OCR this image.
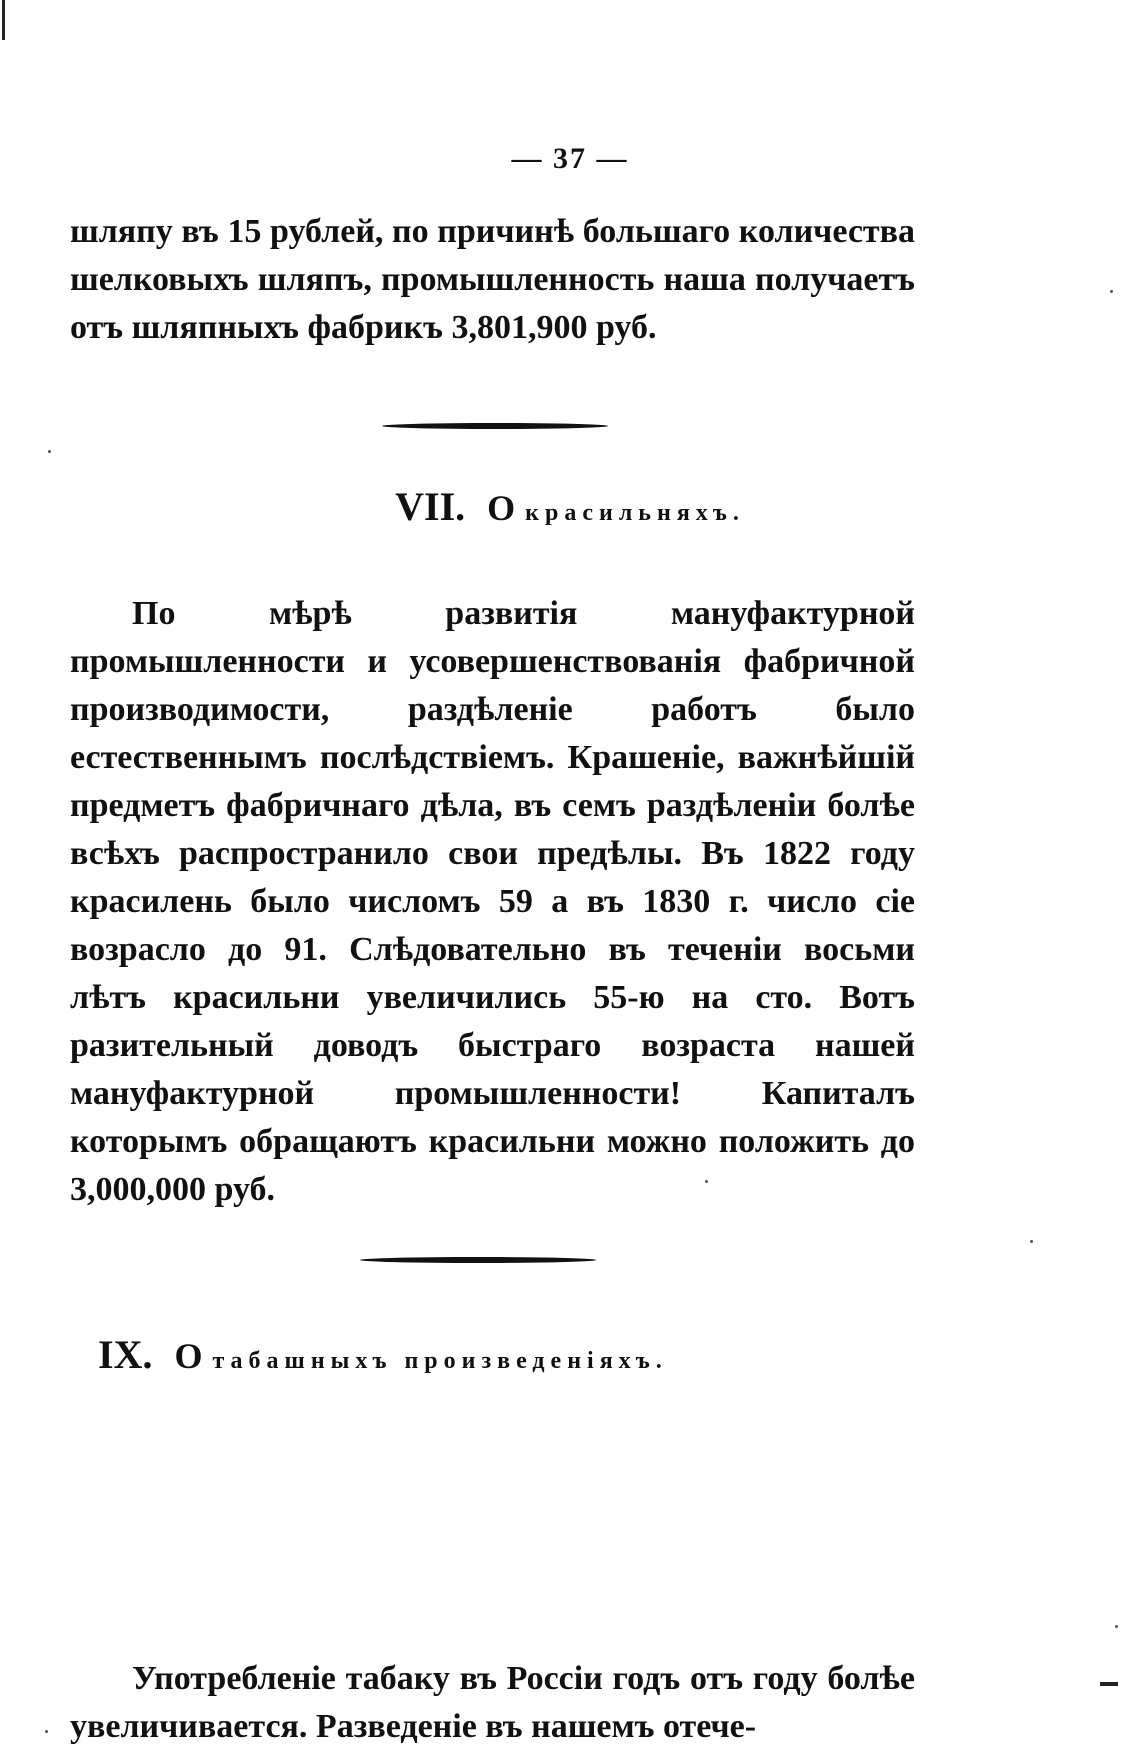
— 37 —

шляпу въ 15 рублей, по причинѣ большаго количества шелковыхъ шляпъ, промышленность наша получаетъ отъ шляпныхъ фабрикъ 3,801,900 руб.

VII. О красильняхъ.

По мѣрѣ развитія мануфактурной промышленности и усовершенствованія фабричной производимости, раздѣленіе работъ было естественнымъ послѣдствіемъ. Крашеніе, важнѣйшій предметъ фабричнаго дѣла, въ семъ раздѣленіи болѣе всѣхъ распространило свои предѣлы. Въ 1822 году красилень было числомъ 59 а въ 1830 г. число сіе возрасло до 91. Слѣдовательно въ теченіи восьми лѣтъ красильни увеличились 55-ю на сто. Вотъ разительный доводъ быстраго возраста нашей мануфактурной промышленности! Капиталъ которымъ обращаютъ красильни можно положить до 3,000,000 руб.

IX. О табашныхъ произведеніяхъ.

Употребленіе табаку въ Россіи годъ отъ году болѣе увеличивается. Разведеніе въ нашемъ отече-
